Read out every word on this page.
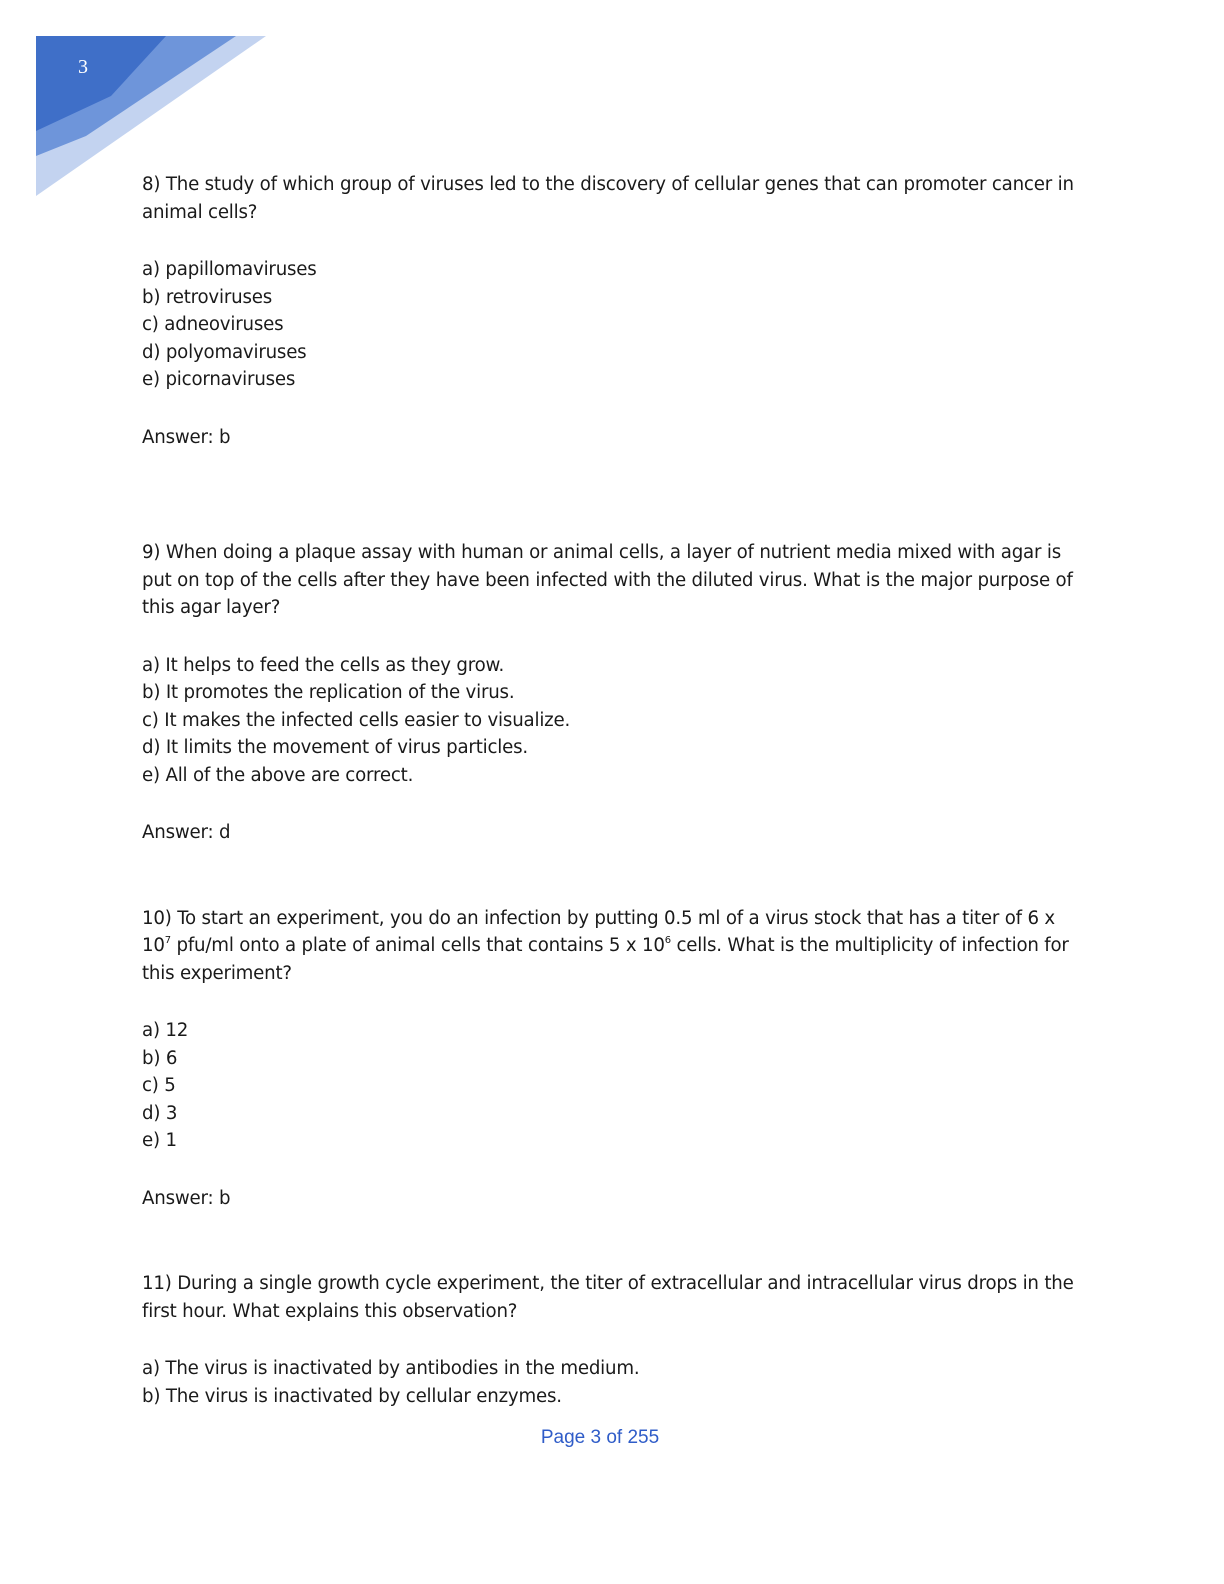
3

8) The study of which group of viruses led to the discovery of cellular genes that can promoter cancer in animal cells?

a) papillomaviruses
b) retroviruses
c) adneoviruses
d) polyomaviruses
e) picornaviruses

Answer: b

9) When doing a plaque assay with human or animal cells, a layer of nutrient media mixed with agar is put on top of the cells after they have been infected with the diluted virus. What is the major purpose of this agar layer?

a) It helps to feed the cells as they grow.
b) It promotes the replication of the virus.
c) It makes the infected cells easier to visualize.
d) It limits the movement of virus particles.
e) All of the above are correct.

Answer: d

10) To start an experiment, you do an infection by putting 0.5 ml of a virus stock that has a titer of 6 x $10^7$ pfu/ml onto a plate of animal cells that contains 5 x $10^6$ cells. What is the multiplicity of infection for this experiment?

a) 12
b) 6
c) 5
d) 3
e) 1

Answer: b

11) During a single growth cycle experiment, the titer of extracellular and intracellular virus drops in the first hour. What explains this observation?

a) The virus is inactivated by antibodies in the medium.
b) The virus is inactivated by cellular enzymes.
Page 3 of 255
